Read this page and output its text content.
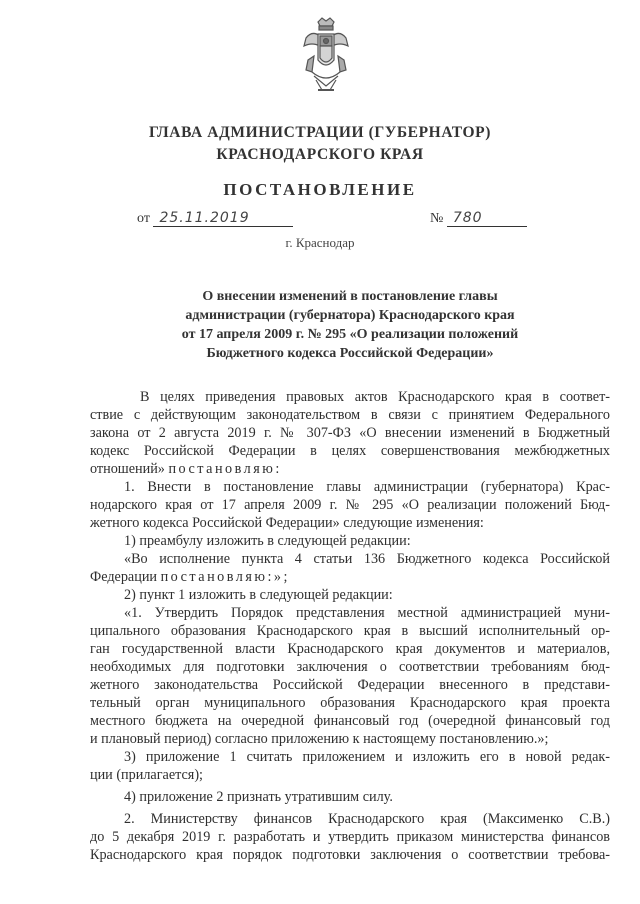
ГЛАВА АДМИНИСТРАЦИИ (ГУБЕРНАТОР)
КРАСНОДАРСКОГО КРАЯ
ПОСТАНОВЛЕНИЕ
от 25.11.2019	№ 780
г. Краснодар
О внесении изменений в постановление главы
администрации (губернатора) Краснодарского края
от 17 апреля 2009 г. № 295 «О реализации положений
Бюджетного кодекса Российской Федерации»
В целях приведения правовых актов Краснодарского края в соответ-
ствие с действующим законодательством в связи с принятием Федерального
закона от 2 августа 2019 г. № 307-ФЗ «О внесении изменений в Бюджетный
кодекс Российской Федерации в целях совершенствования межбюджетных
отношений» постановляю:
1. Внести в постановление главы администрации (губернатора) Крас-
нодарского края от 17 апреля 2009 г. № 295 «О реализации положений Бюд-
жетного кодекса Российской Федерации» следующие изменения:
1) преамбулу изложить в следующей редакции:
«Во исполнение пункта 4 статьи 136 Бюджетного кодекса Российской
Федерации постановляю:»;
2) пункт 1 изложить в следующей редакции:
«1. Утвердить Порядок представления местной администрацией муни-
ципального образования Краснодарского края в высший исполнительный ор-
ган государственной власти Краснодарского края документов и материалов,
необходимых для подготовки заключения о соответствии требованиям бюд-
жетного законодательства Российской Федерации внесенного в представи-
тельный орган муниципального образования Краснодарского края проекта
местного бюджета на очередной финансовый год (очередной финансовый год
и плановый период) согласно приложению к настоящему постановлению.»;
3) приложение 1 считать приложением и изложить его в новой редак-
ции (прилагается);
4) приложение 2 признать утратившим силу.
2. Министерству финансов Краснодарского края (Максименко С.В.)
до 5 декабря 2019 г. разработать и утвердить приказом министерства финансов
Краснодарского края порядок подготовки заключения о соответствии требова-
